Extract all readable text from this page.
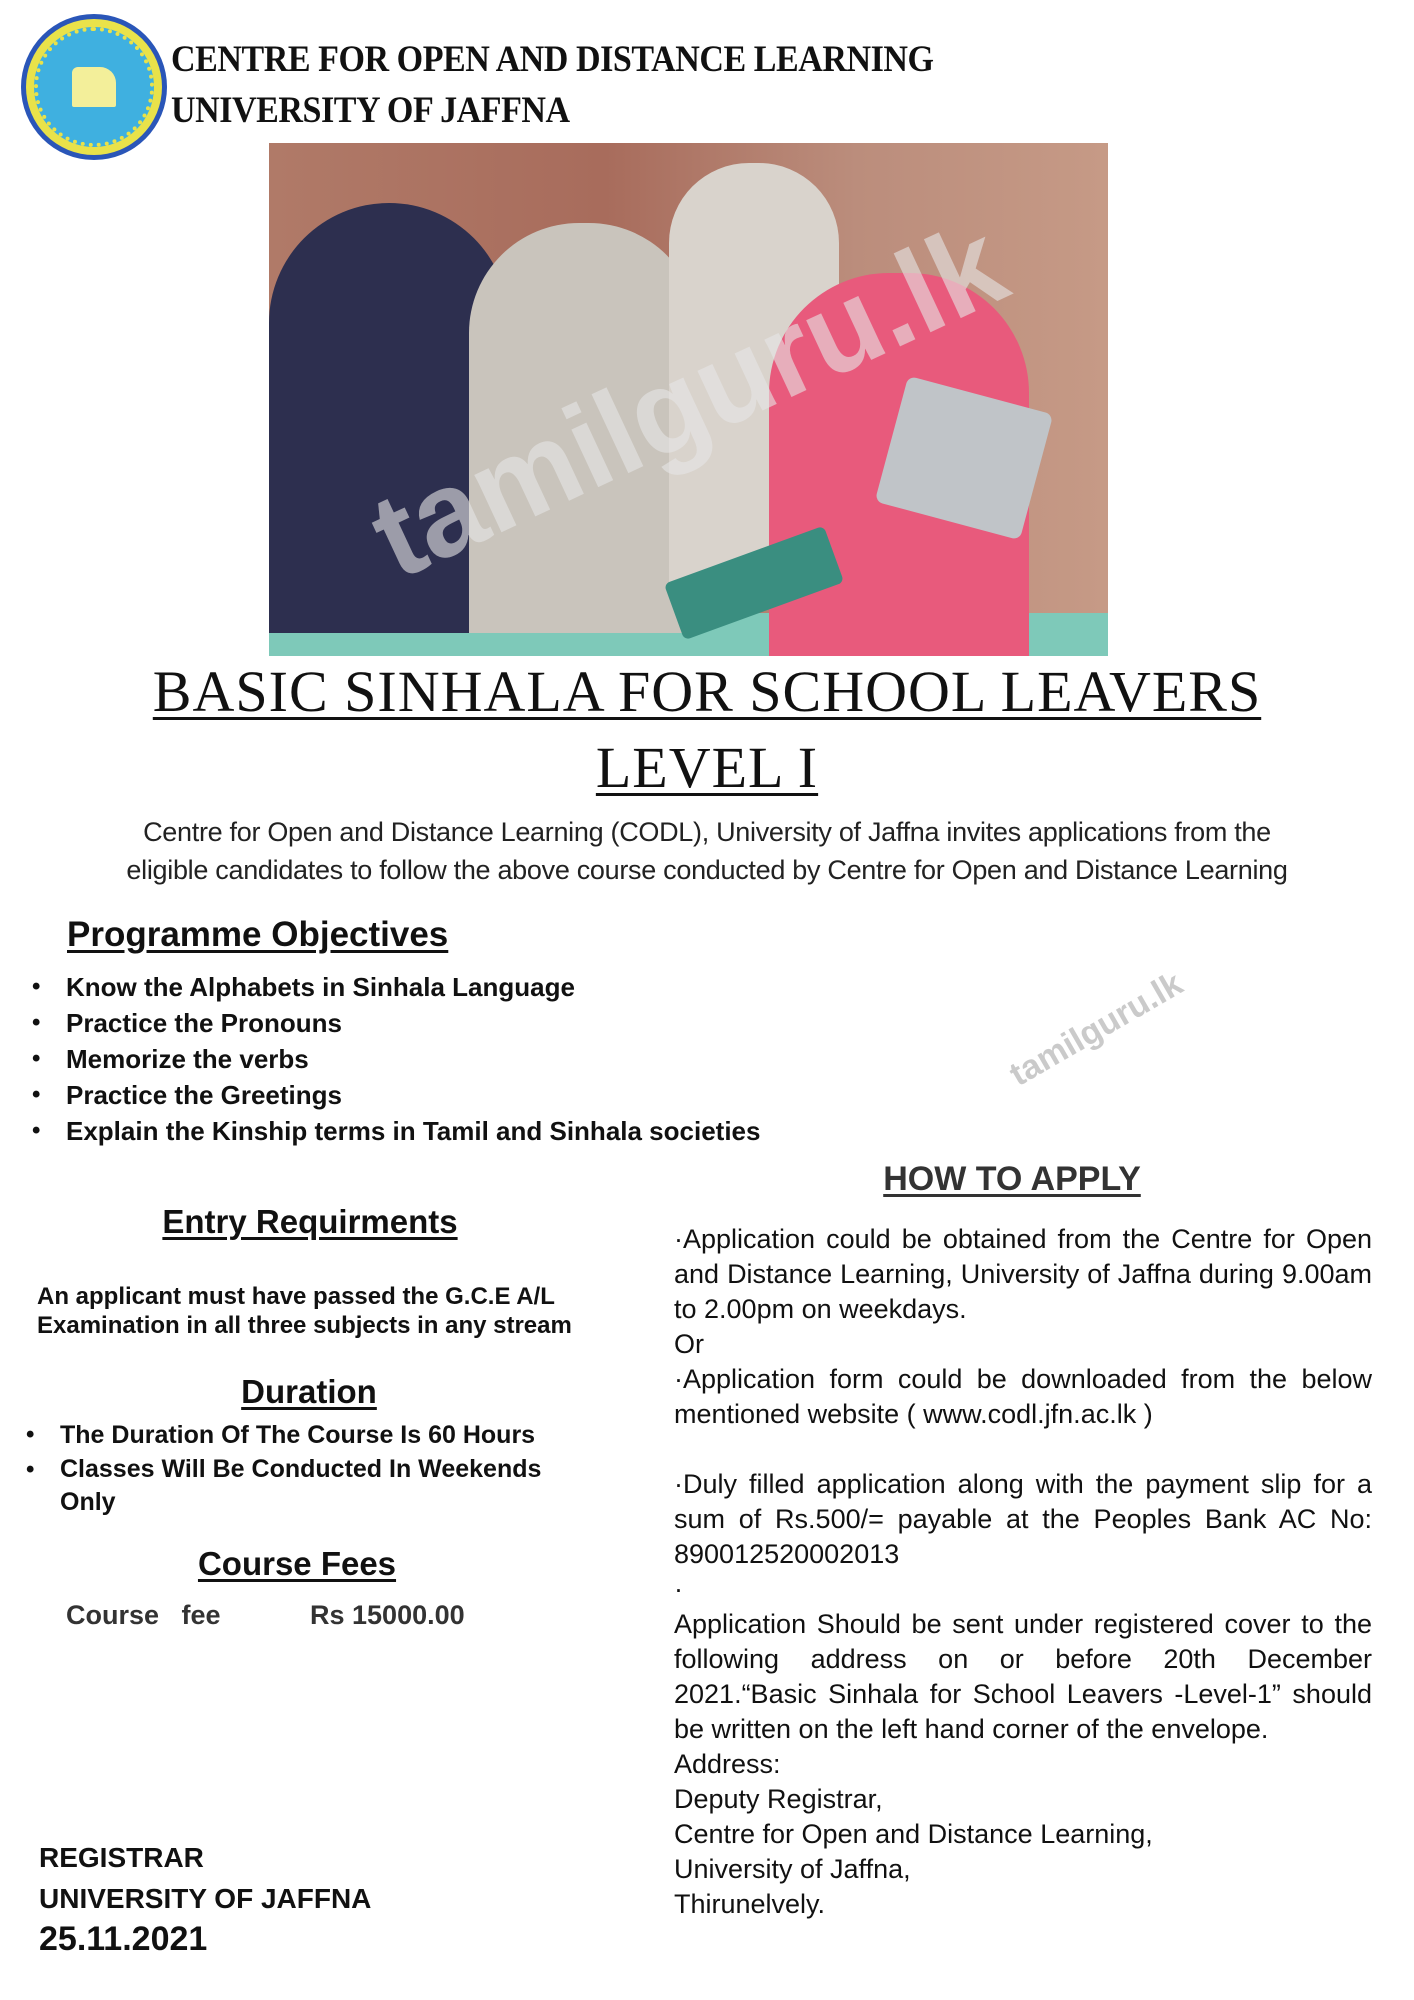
CENTRE FOR OPEN AND DISTANCE LEARNING
UNIVERSITY OF JAFFNA
tamilguru.lk
BASIC SINHALA FOR SCHOOL LEAVERS
LEVEL I
Centre for Open and Distance Learning (CODL), University of Jaffna invites applications from the
eligible candidates to follow the above course conducted by Centre for Open and Distance Learning
tamilguru.lk
Programme Objectives
• Know the Alphabets in Sinhala Language
• Practice the Pronouns
• Memorize the verbs
• Practice the Greetings
• Explain the Kinship terms in Tamil and Sinhala societies
Entry Requirments
An applicant must have passed the G.C.E A/L
Examination in all three subjects in any stream
Duration
• The Duration Of The Course Is 60 Hours
• Classes Will Be Conducted In Weekends Only
Course Fees
Course   fee	Rs 15000.00
HOW TO APPLY

·Application could be obtained from the Centre for Open and Distance Learning, University of Jaffna during 9.00am to 2.00pm on weekdays.

Or

·Application form could be downloaded from the below mentioned website ( www.codl.jfn.ac.lk )

·Duly filled application along with the payment slip for a sum of Rs.500/= payable at the Peoples Bank AC No: 890012520002013

·

Application Should be sent under registered cover to the following address on or before 20th December 2021.“Basic Sinhala for School Leavers -Level-1” should be written on the left hand corner of the envelope.

Address:

Deputy Registrar,

Centre for Open and Distance Learning,

University of Jaffna,

Thirunelvely.

REGISTRAR
UNIVERSITY OF JAFFNA
25.11.2021
